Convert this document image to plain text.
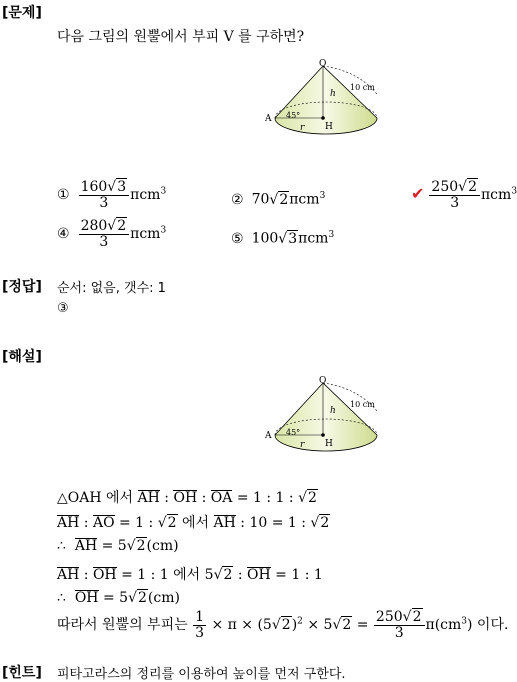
[문제]
다음 그림의 원뿔에서 부피 V 를 구하면?
O
A
H
h
r
10 cm
45°
① $\frac{160√3}{3} \pi cm^3$
② 70√2πcm$^3$	✔ $\frac{250√2}{3} \pi cm^3$
④ $\frac{280√2}{3} \pi cm^3$
⑤ 100√3πcm$^3$
[정답] 순서: 없음, 갯수: 1
③
[해설]
O
A
H
h
r
10 cm
45°
△OAH 에서 AH : OH : OA = 1 : 1 : √2
AH : AO = 1 : √2 에서 AH : 10 = 1 : √2
∴ AH = 5√2(cm)
AH : OH = 1 : 1 에서 5√2 : OH = 1 : 1
∴ OH = 5√2(cm)
따라서 원뿔의 부피는 $\frac{1}{3} \times \pi \times (5√2)^2 \times 5√2 = \frac{250√2}{3} \pi(cm^3)$ 이다.
[힌트] 피타고라스의 정리를 이용하여 높이를 먼저 구한다.
